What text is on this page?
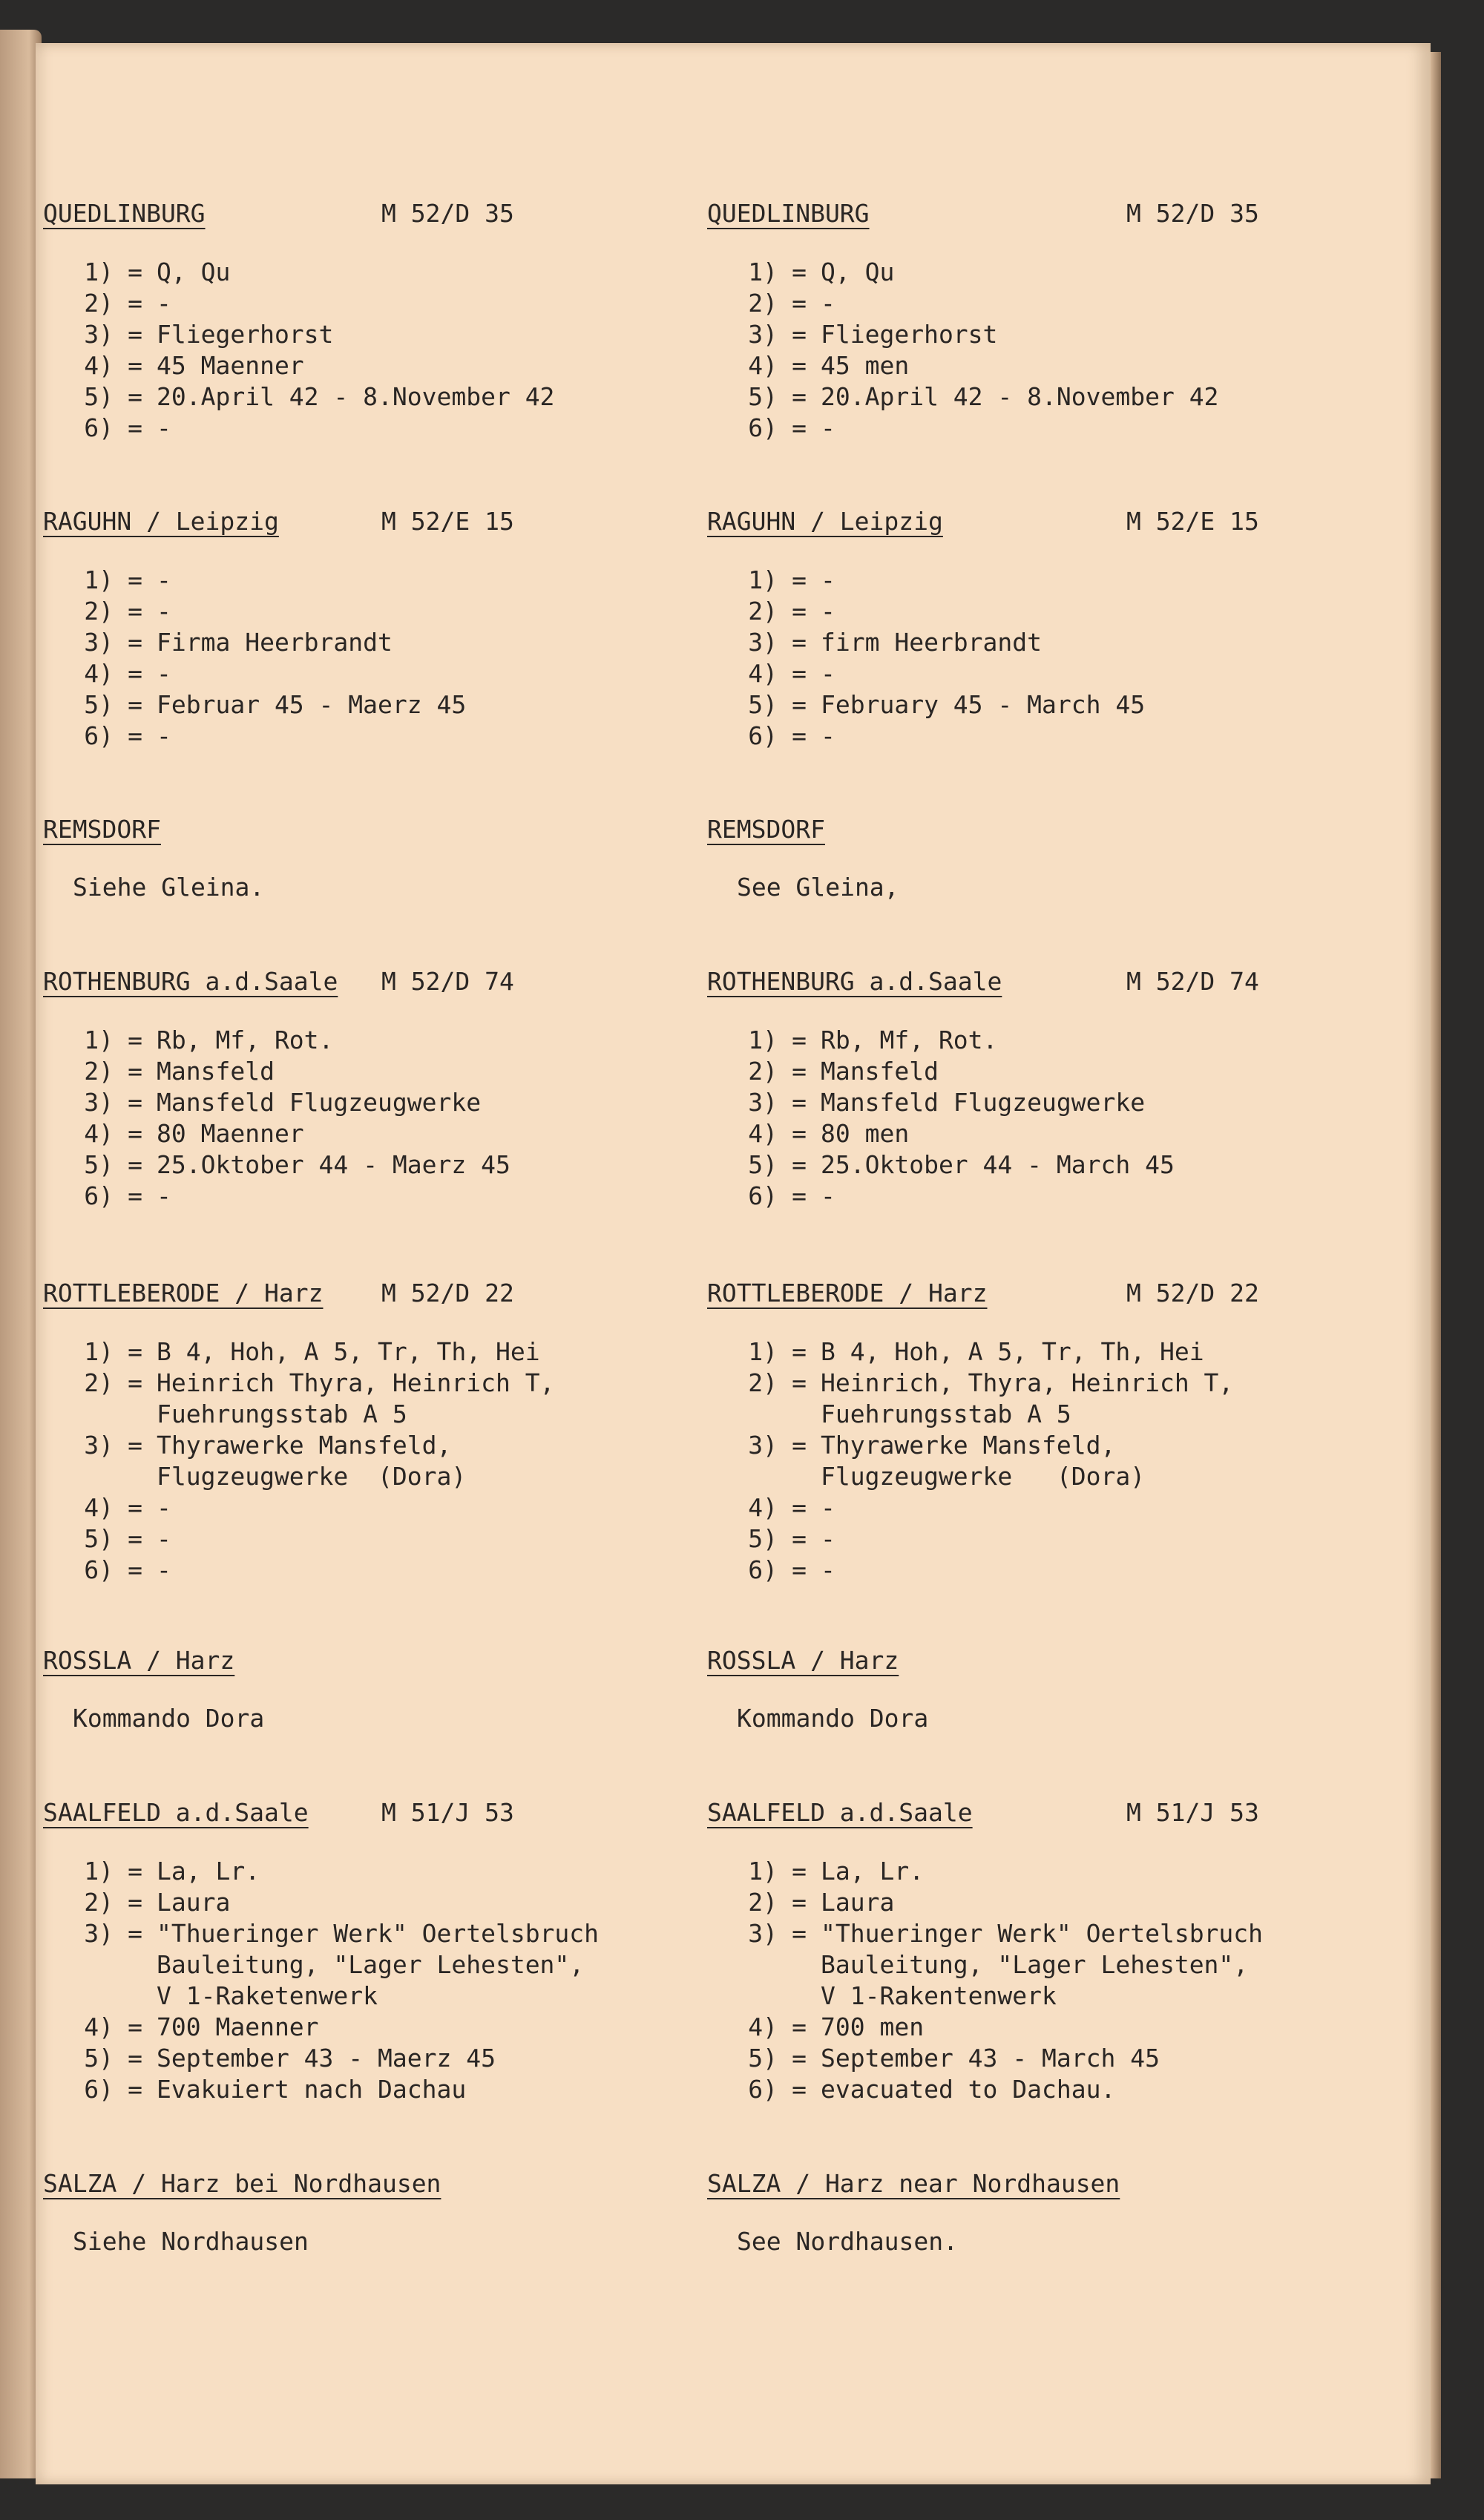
QUEDLINBURG	M 52/D 35
1) = Q, Qu
2) = -
3) = Fliegerhorst
4) = 45 Maenner
5) = 20.April 42 - 8.November 42
6) = -
RAGUHN / Leipzig	M 52/E 15
1) = -
2) = -
3) = Firma Heerbrandt
4) = -
5) = Februar 45 - Maerz 45
6) = -
REMSDORF
Siehe Gleina.
ROTHENBURG a.d.Saale M 52/D 74
1) = Rb, Mf, Rot.
2) = Mansfeld
3) = Mansfeld Flugzeugwerke
4) = 80 Maenner
5) = 25.Oktober 44 - Maerz 45
6) = -
ROTTLEBERODE / Harz M 52/D 22
1) = B 4, Hoh, A 5, Tr, Th, Hei
2) = Heinrich Thyra, Heinrich T,
Fuehrungsstab A 5
3) = Thyrawerke Mansfeld,
Flugzeugwerke  (Dora)
4) = -
5) = -
6) = -
ROSSLA / Harz
Kommando Dora
SAALFELD a.d.Saale	M 51/J 53
1) = La, Lr.
2) = Laura
3) = "Thueringer Werk" Oertelsbruch
Bauleitung, "Lager Lehesten",
V 1-Raketenwerk
4) = 700 Maenner
5) = September 43 - Maerz 45
6) = Evakuiert nach Dachau
SALZA / Harz bei Nordhausen
Siehe Nordhausen
QUEDLINBURG	M 52/D 35
1) = Q, Qu
2) = -
3) = Fliegerhorst
4) = 45 men
5) = 20.April 42 - 8.November 42
6) = -
RAGUHN / Leipzig	M 52/E 15
1) = -
2) = -
3) = firm Heerbrandt
4) = -
5) = February 45 - March 45
6) = -
REMSDORF
See Gleina,
ROTHENBURG a.d.Saale	M 52/D 74
1) = Rb, Mf, Rot.
2) = Mansfeld
3) = Mansfeld Flugzeugwerke
4) = 80 men
5) = 25.Oktober 44 - March 45
6) = -
ROTTLEBERODE / Harz	M 52/D 22
1) = B 4, Hoh, A 5, Tr, Th, Hei
2) = Heinrich, Thyra, Heinrich T,
Fuehrungsstab A 5
3) = Thyrawerke Mansfeld,
Flugzeugwerke   (Dora)
4) = -
5) = -
6) = -
ROSSLA / Harz
Kommando Dora
SAALFELD a.d.Saale	M 51/J 53
1) = La, Lr.
2) = Laura
3) = "Thueringer Werk" Oertelsbruch
Bauleitung, "Lager Lehesten",
V 1-Rakentenwerk
4) = 700 men
5) = September 43 - March 45
6) = evacuated to Dachau.
SALZA / Harz near Nordhausen
See Nordhausen.
